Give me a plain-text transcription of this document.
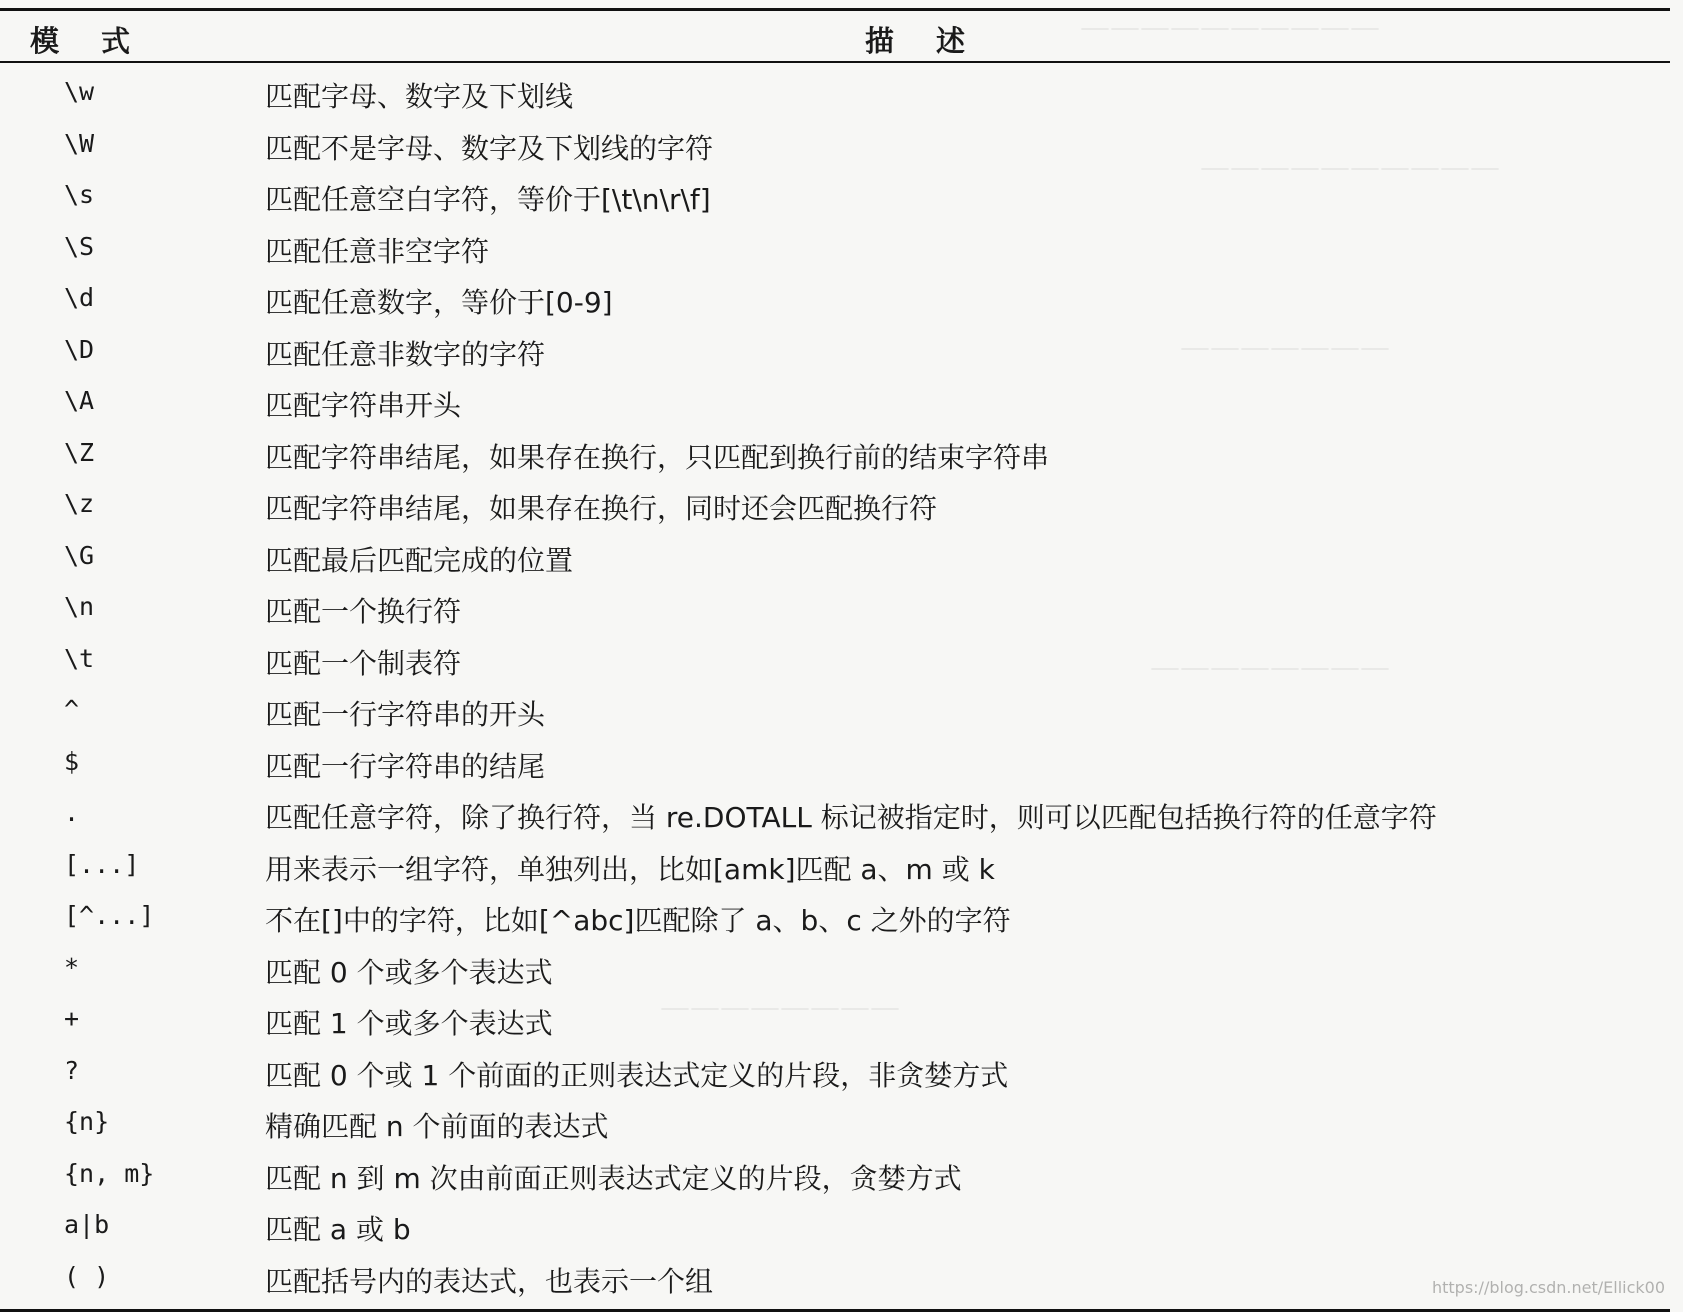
——————————
——————————
———————
————————
————————
模式	描述
\w	匹配字母、数字及下划线
\W	匹配不是字母、数字及下划线的字符
\s	匹配任意空白字符，等价于[\t\n\r\f]
\S	匹配任意非空字符
\d	匹配任意数字，等价于[0-9]
\D	匹配任意非数字的字符
\A	匹配字符串开头
\Z	匹配字符串结尾，如果存在换行，只匹配到换行前的结束字符串
\z	匹配字符串结尾，如果存在换行，同时还会匹配换行符
\G	匹配最后匹配完成的位置
\n	匹配一个换行符
\t	匹配一个制表符
^	匹配一行字符串的开头
$	匹配一行字符串的结尾
.	匹配任意字符，除了换行符，当 re.DOTALL 标记被指定时，则可以匹配包括换行符的任意字符
[...]	用来表示一组字符，单独列出，比如[amk]匹配 a、m 或 k
[^...]	不在[]中的字符，比如[^abc]匹配除了 a、b、c 之外的字符
*	匹配 0 个或多个表达式
+	匹配 1 个或多个表达式
?	匹配 0 个或 1 个前面的正则表达式定义的片段，非贪婪方式
{n}	精确匹配 n 个前面的表达式
{n, m}	匹配 n 到 m 次由前面正则表达式定义的片段，贪婪方式
a|b	匹配 a 或 b
( )	匹配括号内的表达式，也表示一个组	https://blog.csdn.net/Ellick00
